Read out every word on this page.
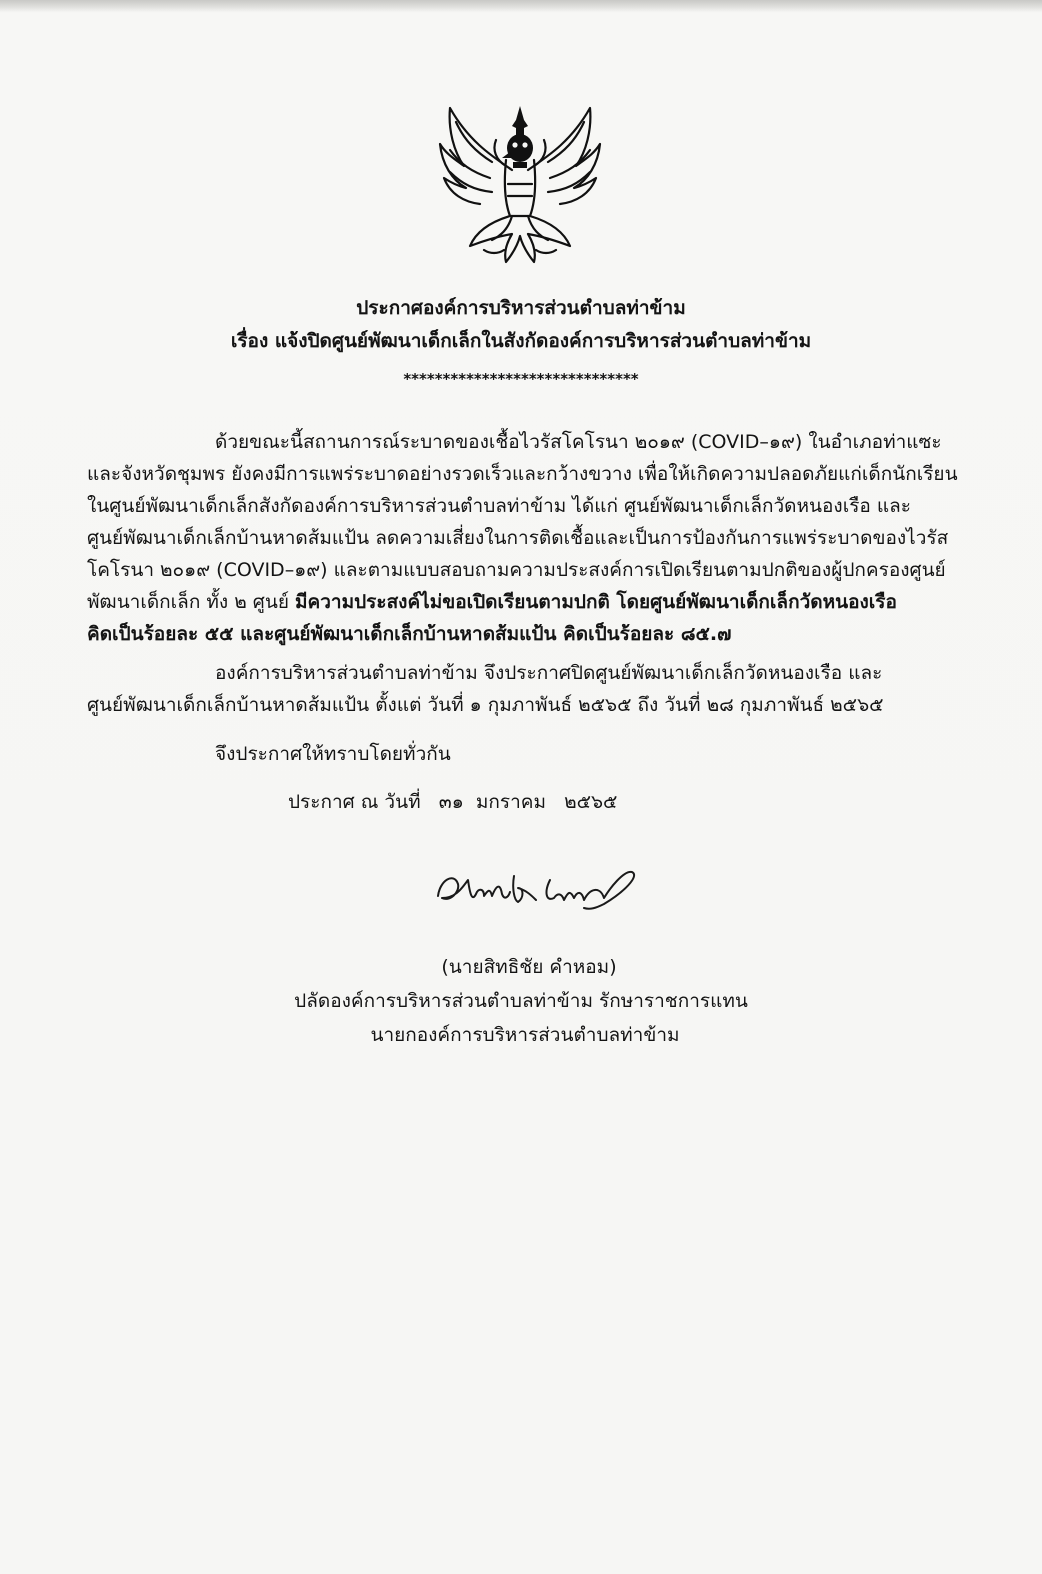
ประกาศองค์การบริหารส่วนตำบลท่าข้าม
เรื่อง แจ้งปิดศูนย์พัฒนาเด็กเล็กในสังกัดองค์การบริหารส่วนตำบลท่าข้าม
******************************
ด้วยขณะนี้สถานการณ์ระบาดของเชื้อไวรัสโคโรนา ๒๐๑๙ (COVID–๑๙) ในอำเภอท่าแซะ
และจังหวัดชุมพร ยังคงมีการแพร่ระบาดอย่างรวดเร็วและกว้างขวาง เพื่อให้เกิดความปลอดภัยแก่เด็กนักเรียน
ในศูนย์พัฒนาเด็กเล็กสังกัดองค์การบริหารส่วนตำบลท่าข้าม ได้แก่ ศูนย์พัฒนาเด็กเล็กวัดหนองเรือ และ
ศูนย์พัฒนาเด็กเล็กบ้านหาดส้มแป้น ลดความเสี่ยงในการติดเชื้อและเป็นการป้องกันการแพร่ระบาดของไวรัส
โคโรนา ๒๐๑๙ (COVID–๑๙) และตามแบบสอบถามความประสงค์การเปิดเรียนตามปกติของผู้ปกครองศูนย์
พัฒนาเด็กเล็ก ทั้ง ๒ ศูนย์ มีความประสงค์ไม่ขอเปิดเรียนตามปกติ โดยศูนย์พัฒนาเด็กเล็กวัดหนองเรือ
คิดเป็นร้อยละ ๕๕ และศูนย์พัฒนาเด็กเล็กบ้านหาดส้มแป้น คิดเป็นร้อยละ ๘๕.๗
องค์การบริหารส่วนตำบลท่าข้าม จึงประกาศปิดศูนย์พัฒนาเด็กเล็กวัดหนองเรือ และ
ศูนย์พัฒนาเด็กเล็กบ้านหาดส้มแป้น ตั้งแต่ วันที่ ๑ กุมภาพันธ์ ๒๕๖๕ ถึง วันที่ ๒๘ กุมภาพันธ์ ๒๕๖๕
จึงประกาศให้ทราบโดยทั่วกัน
ประกาศ ณ วันที่   ๓๑  มกราคม   ๒๕๖๕
(นายสิทธิชัย คำหอม)
ปลัดองค์การบริหารส่วนตำบลท่าข้าม รักษาราชการแทน
นายกองค์การบริหารส่วนตำบลท่าข้าม
